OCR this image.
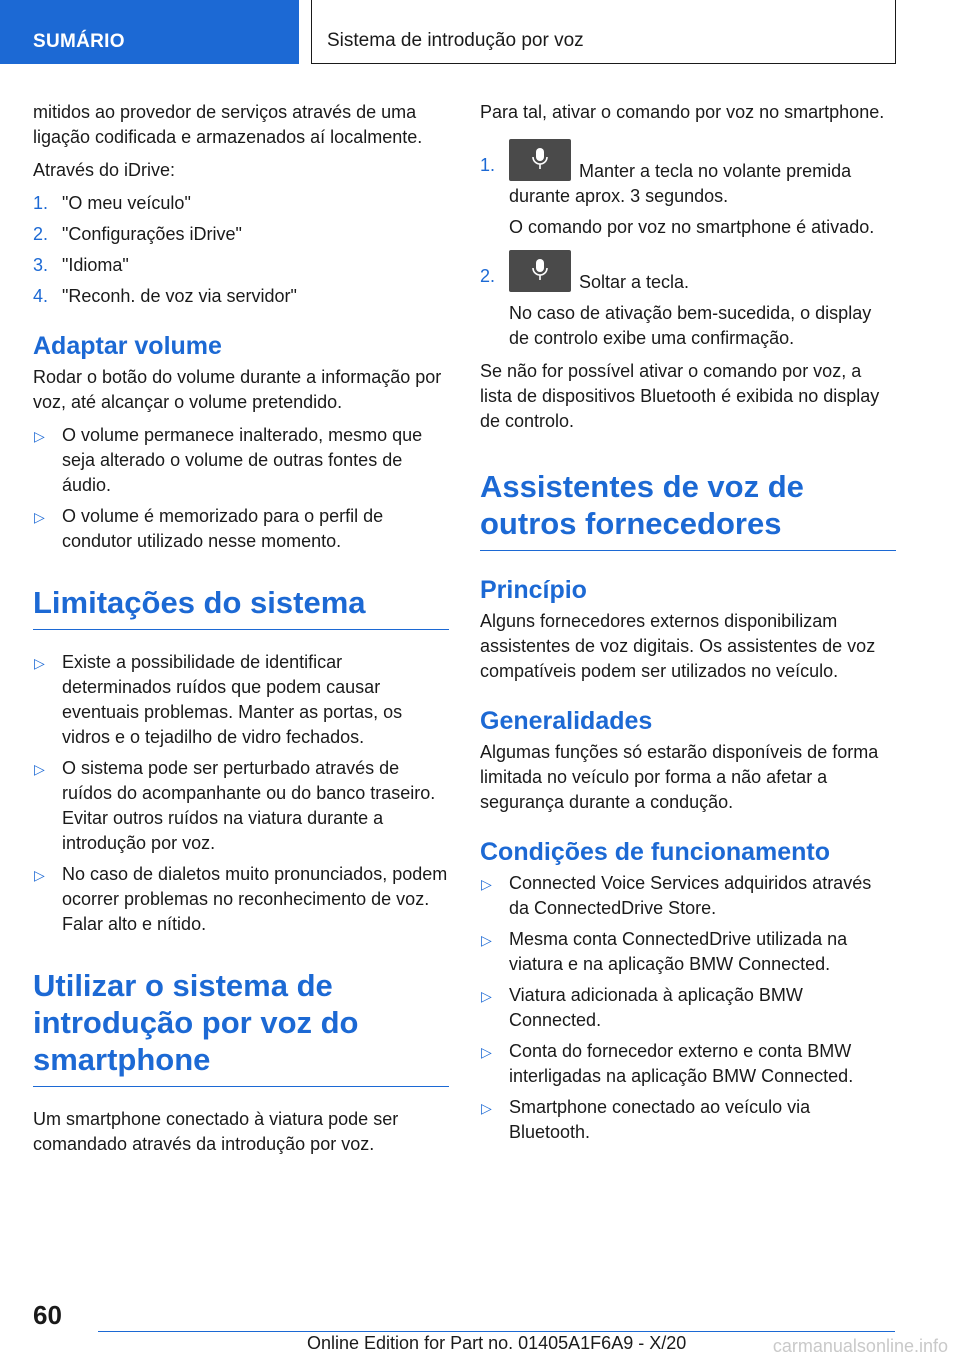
SUMÁRIO	Sistema de introdução por voz

mitidos ao provedor de serviços através de uma ligação codificada e armazenados aí localmente.

Através do iDrive:

1. "O meu veículo"
2. "Configurações iDrive"
3. "Idioma"
4. "Reconh. de voz via servidor"
Adaptar volume

Rodar o botão do volume durante a informação por voz, até alcançar o volume pretendido.

▷ O volume permanece inalterado, mesmo que seja alterado o volume de outras fontes de áudio.
▷ O volume é memorizado para o perfil de condutor utilizado nesse momento.
Limitações do sistema
▷ Existe a possibilidade de identificar determinados ruídos que podem causar eventuais problemas. Manter as portas, os vidros e o tejadilho de vidro fechados.
▷ O sistema pode ser perturbado através de ruídos do acompanhante ou do banco traseiro. Evitar outros ruídos na viatura durante a introdução por voz.
▷ No caso de dialetos muito pronunciados, podem ocorrer problemas no reconhecimento de voz. Falar alto e nítido.
Utilizar o sistema de introdução por voz do smartphone

Um smartphone conectado à viatura pode ser comandado através da introdução por voz.

Para tal, ativar o comando por voz no smartphone.

1.	Manter a tecla no volante premida durante aprox. 3 segundos.
O comando por voz no smartphone é ativado.
2.	Soltar a tecla.
No caso de ativação bem-sucedida, o display de controlo exibe uma confirmação.

Se não for possível ativar o comando por voz, a lista de dispositivos Bluetooth é exibida no display de controlo.

Assistentes de voz de outros fornecedores
Princípio

Alguns fornecedores externos disponibilizam assistentes de voz digitais. Os assistentes de voz compatíveis podem ser utilizados no veículo.

Generalidades

Algumas funções só estarão disponíveis de forma limitada no veículo por forma a não afetar a segurança durante a condução.

Condições de funcionamento
▷ Connected Voice Services adquiridos através da ConnectedDrive Store.
▷ Mesma conta ConnectedDrive utilizada na viatura e na aplicação BMW Connected.
▷ Viatura adicionada à aplicação BMW Connected.
▷ Conta do fornecedor externo e conta BMW interligadas na aplicação BMW Connected.
▷ Smartphone conectado ao veículo via Bluetooth.
60
Online Edition for Part no. 01405A1F6A9 - X/20	carmanualsonline.info
